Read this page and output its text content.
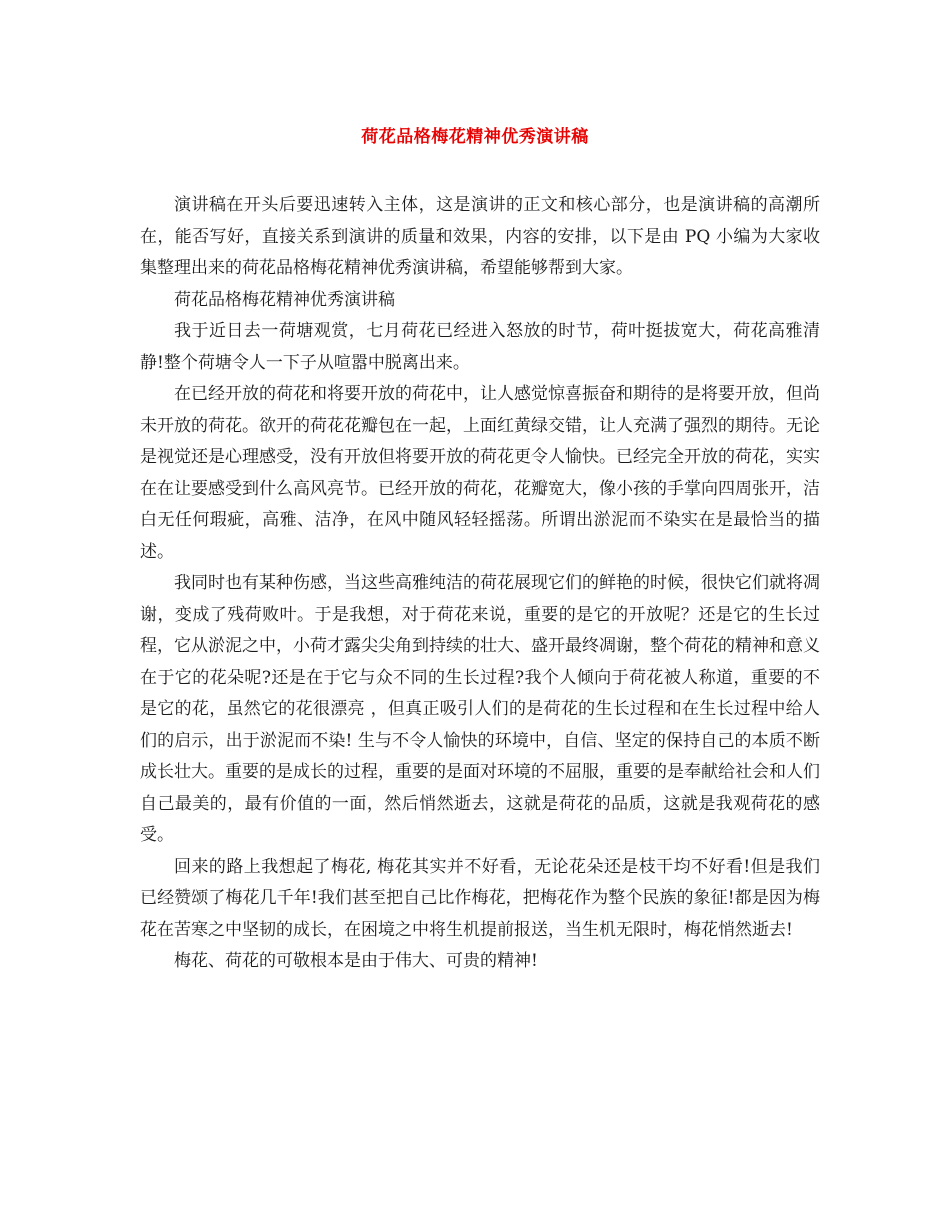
荷花品格梅花精神优秀演讲稿

演讲稿在开头后要迅速转入主体，这是演讲的正文和核心部分，也是演讲稿的高潮所在，能否写好，直接关系到演讲的质量和效果，内容的安排，以下是由 PQ 小编为大家收集整理出来的荷花品格梅花精神优秀演讲稿，希望能够帮到大家。

荷花品格梅花精神优秀演讲稿

我于近日去一荷塘观赏，七月荷花已经进入怒放的时节，荷叶挺拔宽大，荷花高雅清静!整个荷塘令人一下子从喧嚣中脱离出来。

在已经开放的荷花和将要开放的荷花中，让人感觉惊喜振奋和期待的是将要开放，但尚未开放的荷花。欲开的荷花花瓣包在一起，上面红黄绿交错，让人充满了强烈的期待。无论是视觉还是心理感受，没有开放但将要开放的荷花更令人愉快。已经完全开放的荷花，实实在在让要感受到什么高风亮节。已经开放的荷花，花瓣宽大，像小孩的手掌向四周张开，洁白无任何瑕疵，高雅、洁净，在风中随风轻轻摇荡。所谓出淤泥而不染实在是最恰当的描述。

我同时也有某种伤感，当这些高雅纯洁的荷花展现它们的鲜艳的时候，很快它们就将凋谢，变成了残荷败叶。于是我想，对于荷花来说，重要的是它的开放呢？还是它的生长过程，它从淤泥之中，小荷才露尖尖角到持续的壮大、盛开最终凋谢，整个荷花的精神和意义在于它的花朵呢?还是在于它与众不同的生长过程?我个人倾向于荷花被人称道，重要的不是它的花，虽然它的花很漂亮 ，但真正吸引人们的是荷花的生长过程和在生长过程中给人们的启示，出于淤泥而不染! 生与不令人愉快的环境中，自信、坚定的保持自己的本质不断成长壮大。重要的是成长的过程，重要的是面对环境的不屈服，重要的是奉献给社会和人们自己最美的，最有价值的一面，然后悄然逝去，这就是荷花的品质，这就是我观荷花的感受。

回来的路上我想起了梅花, 梅花其实并不好看，无论花朵还是枝干均不好看!但是我们已经赞颂了梅花几千年!我们甚至把自己比作梅花，把梅花作为整个民族的象征!都是因为梅花在苦寒之中坚韧的成长，在困境之中将生机提前报送，当生机无限时，梅花悄然逝去!

梅花、荷花的可敬根本是由于伟大、可贵的精神!
